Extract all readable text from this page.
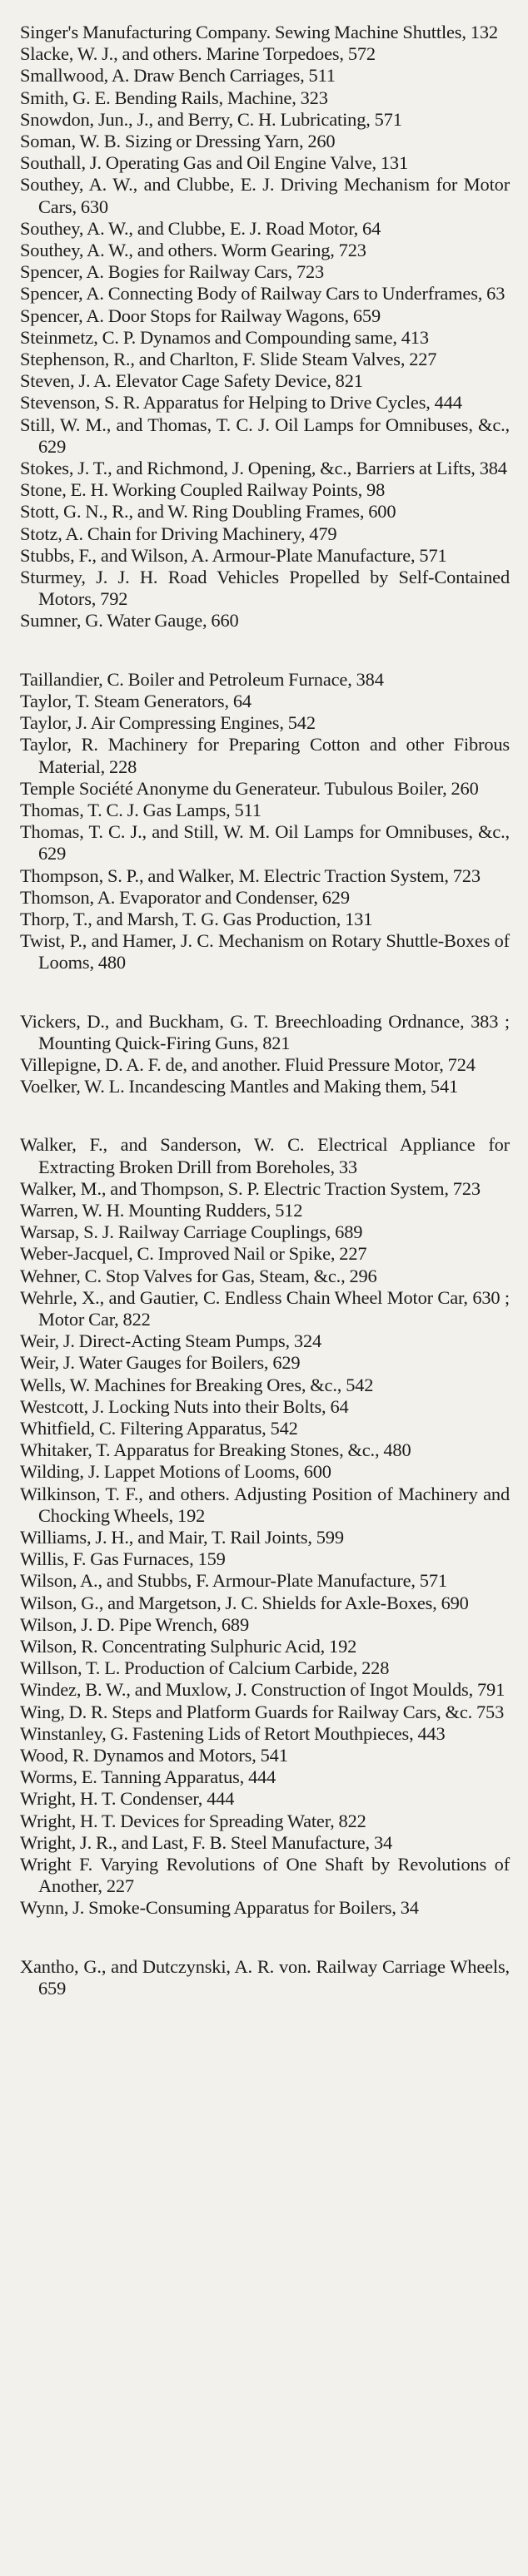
Singer's Manufacturing Company. Sewing Machine Shuttles, 132
Slacke, W. J., and others. Marine Torpedoes, 572
Smallwood, A. Draw Bench Carriages, 511
Smith, G. E. Bending Rails, Machine, 323
Snowdon, Jun., J., and Berry, C. H. Lubricating, 571
Soman, W. B. Sizing or Dressing Yarn, 260
Southall, J. Operating Gas and Oil Engine Valve, 131
Southey, A. W., and Clubbe, E. J. Driving Mechanism for Motor Cars, 630
Southey, A. W., and Clubbe, E. J. Road Motor, 64
Southey, A. W., and others. Worm Gearing, 723
Spencer, A. Bogies for Railway Cars, 723
Spencer, A. Connecting Body of Railway Cars to Underframes, 63
Spencer, A. Door Stops for Railway Wagons, 659
Steinmetz, C. P. Dynamos and Compounding same, 413
Stephenson, R., and Charlton, F. Slide Steam Valves, 227
Steven, J. A. Elevator Cage Safety Device, 821
Stevenson, S. R. Apparatus for Helping to Drive Cycles, 444
Still, W. M., and Thomas, T. C. J. Oil Lamps for Omnibuses, &c., 629
Stokes, J. T., and Richmond, J. Opening, &c., Barriers at Lifts, 384
Stone, E. H. Working Coupled Railway Points, 98
Stott, G. N., R., and W. Ring Doubling Frames, 600
Stotz, A. Chain for Driving Machinery, 479
Stubbs, F., and Wilson, A. Armour-Plate Manufacture, 571
Sturmey, J. J. H. Road Vehicles Propelled by Self-Contained Motors, 792
Sumner, G. Water Gauge, 660
Taillandier, C. Boiler and Petroleum Furnace, 384
Taylor, T. Steam Generators, 64
Taylor, J. Air Compressing Engines, 542
Taylor, R. Machinery for Preparing Cotton and other Fibrous Material, 228
Temple Société Anonyme du Generateur. Tubulous Boiler, 260
Thomas, T. C. J. Gas Lamps, 511
Thomas, T. C. J., and Still, W. M. Oil Lamps for Omnibuses, &c., 629
Thompson, S. P., and Walker, M. Electric Traction System, 723
Thomson, A. Evaporator and Condenser, 629
Thorp, T., and Marsh, T. G. Gas Production, 131
Twist, P., and Hamer, J. C. Mechanism on Rotary Shuttle-Boxes of Looms, 480
Vickers, D., and Buckham, G. T. Breechloading Ordnance, 383 ; Mounting Quick-Firing Guns, 821
Villepigne, D. A. F. de, and another. Fluid Pressure Motor, 724
Voelker, W. L. Incandescing Mantles and Making them, 541
Walker, F., and Sanderson, W. C. Electrical Appliance for Extracting Broken Drill from Boreholes, 33
Walker, M., and Thompson, S. P. Electric Traction System, 723
Warren, W. H. Mounting Rudders, 512
Warsap, S. J. Railway Carriage Couplings, 689
Weber-Jacquel, C. Improved Nail or Spike, 227
Wehner, C. Stop Valves for Gas, Steam, &c., 296
Wehrle, X., and Gautier, C. Endless Chain Wheel Motor Car, 630 ; Motor Car, 822
Weir, J. Direct-Acting Steam Pumps, 324
Weir, J. Water Gauges for Boilers, 629
Wells, W. Machines for Breaking Ores, &c., 542
Westcott, J. Locking Nuts into their Bolts, 64
Whitfield, C. Filtering Apparatus, 542
Whitaker, T. Apparatus for Breaking Stones, &c., 480
Wilding, J. Lappet Motions of Looms, 600
Wilkinson, T. F., and others. Adjusting Position of Machinery and Chocking Wheels, 192
Williams, J. H., and Mair, T. Rail Joints, 599
Willis, F. Gas Furnaces, 159
Wilson, A., and Stubbs, F. Armour-Plate Manufacture, 571
Wilson, G., and Margetson, J. C. Shields for Axle-Boxes, 690
Wilson, J. D. Pipe Wrench, 689
Wilson, R. Concentrating Sulphuric Acid, 192
Willson, T. L. Production of Calcium Carbide, 228
Windez, B. W., and Muxlow, J. Construction of Ingot Moulds, 791
Wing, D. R. Steps and Platform Guards for Railway Cars, &c. 753
Winstanley, G. Fastening Lids of Retort Mouthpieces, 443
Wood, R. Dynamos and Motors, 541
Worms, E. Tanning Apparatus, 444
Wright, H. T. Condenser, 444
Wright, H. T. Devices for Spreading Water, 822
Wright, J. R., and Last, F. B. Steel Manufacture, 34
Wright F. Varying Revolutions of One Shaft by Revolutions of Another, 227
Wynn, J. Smoke-Consuming Apparatus for Boilers, 34
Xantho, G., and Dutczynski, A. R. von. Railway Carriage Wheels, 659
